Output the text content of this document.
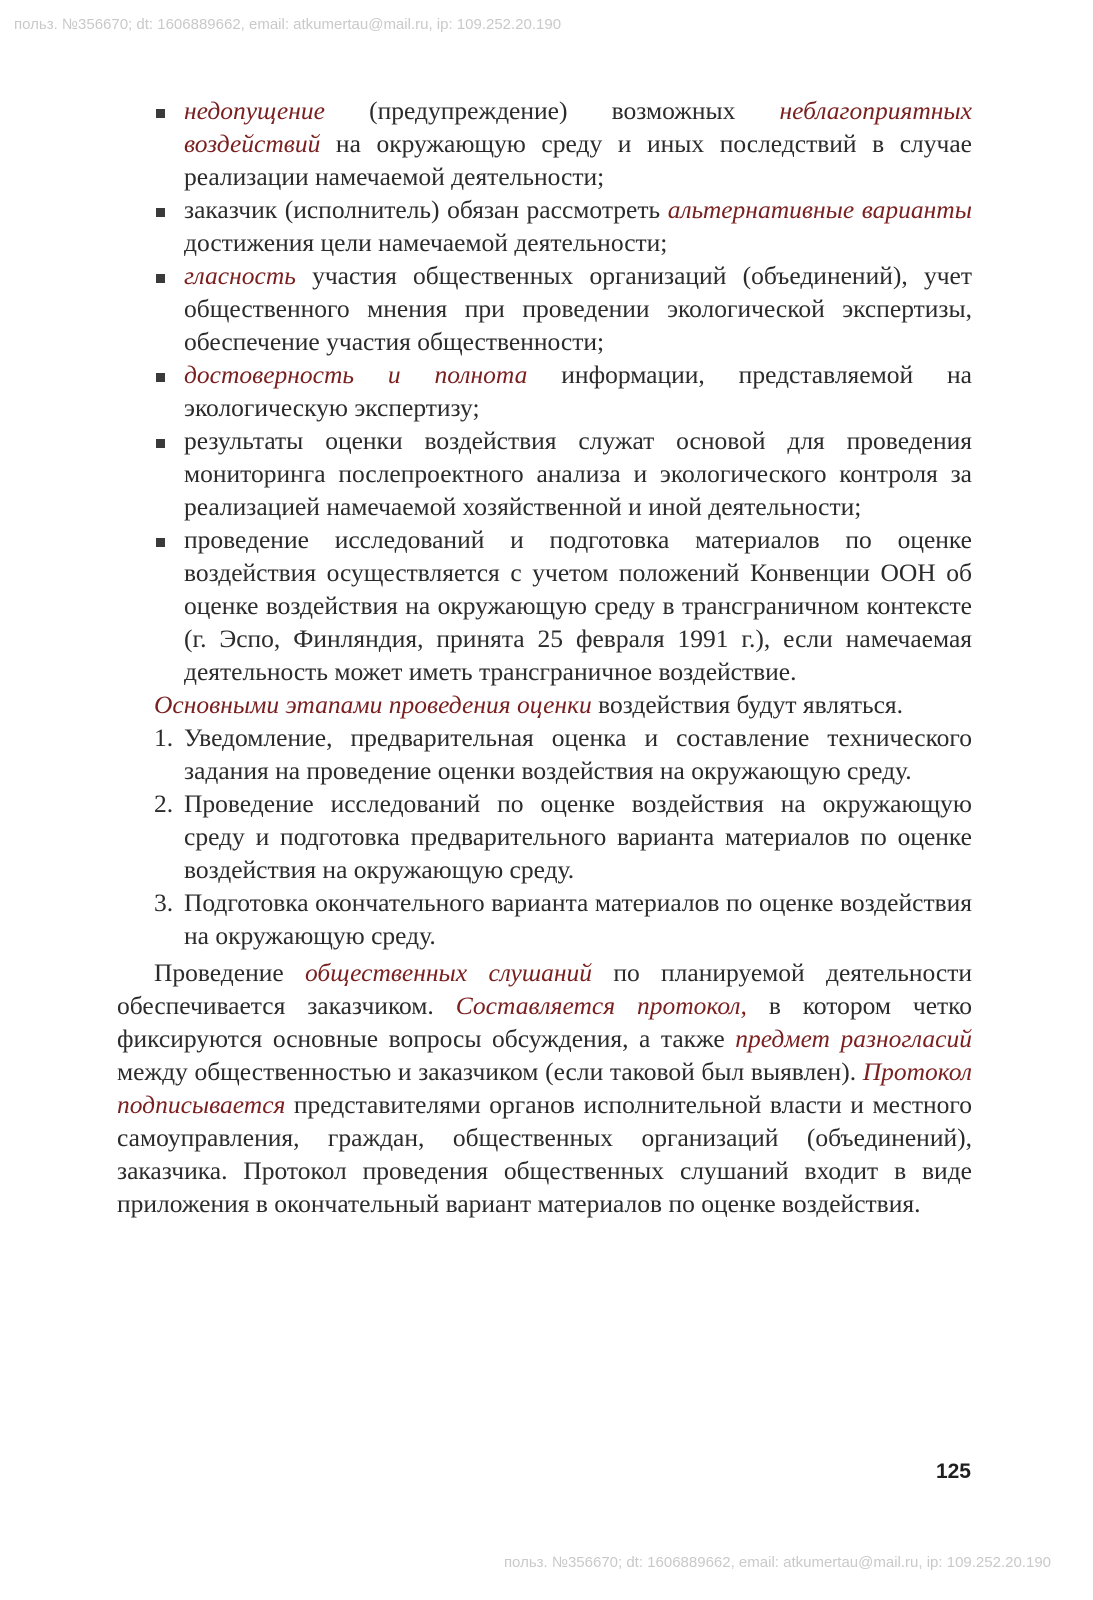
польз. №356670; dt: 1606889662, email: atkumertau@mail.ru, ip: 109.252.20.190
недопущение (предупреждение) возможных неблагоприятных воздействий на окружающую среду и иных последствий в случае реализации намечаемой деятельности;
заказчик (исполнитель) обязан рассмотреть альтернативные варианты достижения цели намечаемой деятельности;
гласность участия общественных организаций (объединений), учет общественного мнения при проведении экологической экспертизы, обеспечение участия общественности;
достоверность и полнота информации, представляемой на экологическую экспертизу;
результаты оценки воздействия служат основой для проведения мониторинга послепроектного анализа и экологического контроля за реализацией намечаемой хозяйственной и иной деятельности;
проведение исследований и подготовка материалов по оценке воздействия осуществляется с учетом положений Конвенции ООН об оценке воздействия на окружающую среду в трансграничном контексте (г. Эспо, Финляндия, принята 25 февраля 1991 г.), если намечаемая деятельность может иметь трансграничное воздействие.

Основными этапами проведения оценки воздействия будут являться.

1. Уведомление, предварительная оценка и составление технического задания на проведение оценки воздействия на окружающую среду.
2. Проведение исследований по оценке воздействия на окружающую среду и подготовка предварительного варианта материалов по оценке воздействия на окружающую среду.
3. Подготовка окончательного варианта материалов по оценке воздействия на окружающую среду.

Проведение общественных слушаний по планируемой деятельности обеспечивается заказчиком. Составляется протокол, в котором четко фиксируются основные вопросы обсуждения, а также предмет разногласий между общественностью и заказчиком (если таковой был выявлен). Протокол подписывается представителями органов исполнительной власти и местного самоуправления, граждан, общественных организаций (объединений), заказчика. Протокол проведения общественных слушаний входит в виде приложения в окончательный вариант материалов по оценке воздействия.

125
польз. №356670; dt: 1606889662, email: atkumertau@mail.ru, ip: 109.252.20.190
